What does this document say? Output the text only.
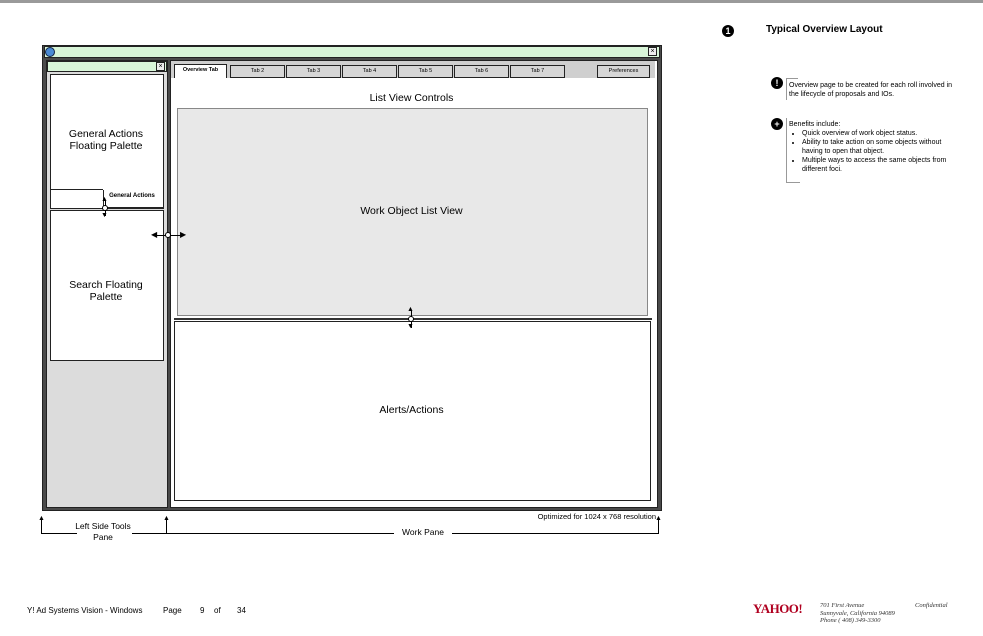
×
×
General Actions Floating Palette
General Actions
Search Floating Palette
▲
▼
Overview Tab	Tab 2	Tab 3	Tab 4	Tab 5	Tab 6	Tab 7	Preferences
List View Controls
Work Object List View
Alerts/Actions
▲
▼
◀	▶
Optimized for 1024 x 768 resolution
▲	▲	▲
Left Side Tools Pane	Work Pane
1	Typical Overview Layout
!	Overview page to be created for each roll involved in the lifecycle of proposals and IOs.
+	Benefits include:
• Quick overview of work object status.
• Ability to take action on some objects without having to open that object.
• Multiple ways to access the same objects from different foci.
Y! Ad Systems Vision - Windows	Page 9 of 34	YAHOO!	701 First Avenue
Sunnyvale, California 94089
Phone ( 408) 349-3300
Confidential
